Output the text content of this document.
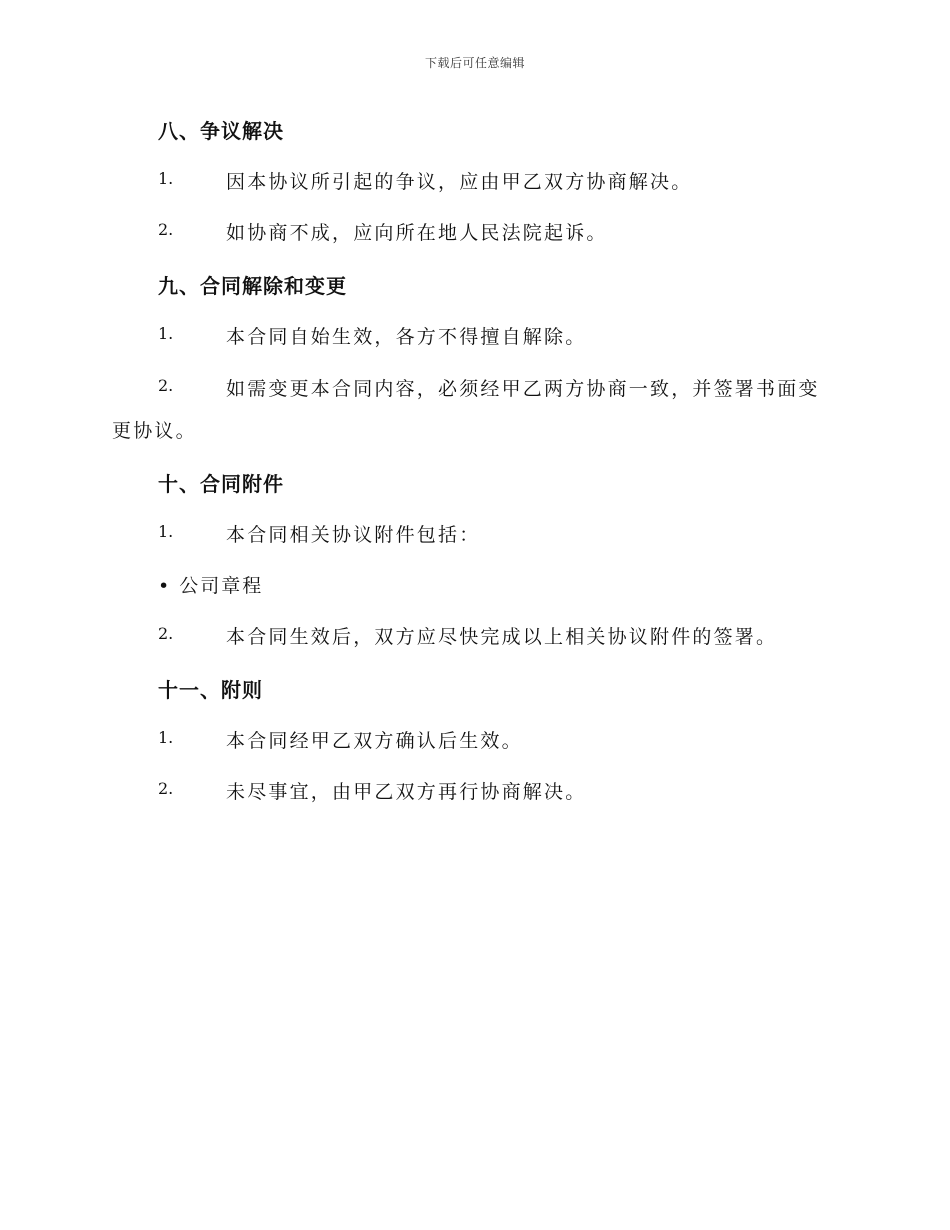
下载后可任意编辑
八、争议解决
1.	因本协议所引起的争议，应由甲乙双方协商解决。
2.	如协商不成，应向所在地人民法院起诉。
九、合同解除和变更
1.	本合同自始生效，各方不得擅自解除。
2.	如需变更本合同内容，必须经甲乙两方协商一致，并签署书面变
更协议。
十、合同附件
1.	本合同相关协议附件包括：
• 公司章程
2.	本合同生效后，双方应尽快完成以上相关协议附件的签署。
十一、附则
1.	本合同经甲乙双方确认后生效。
2.	未尽事宜，由甲乙双方再行协商解决。
